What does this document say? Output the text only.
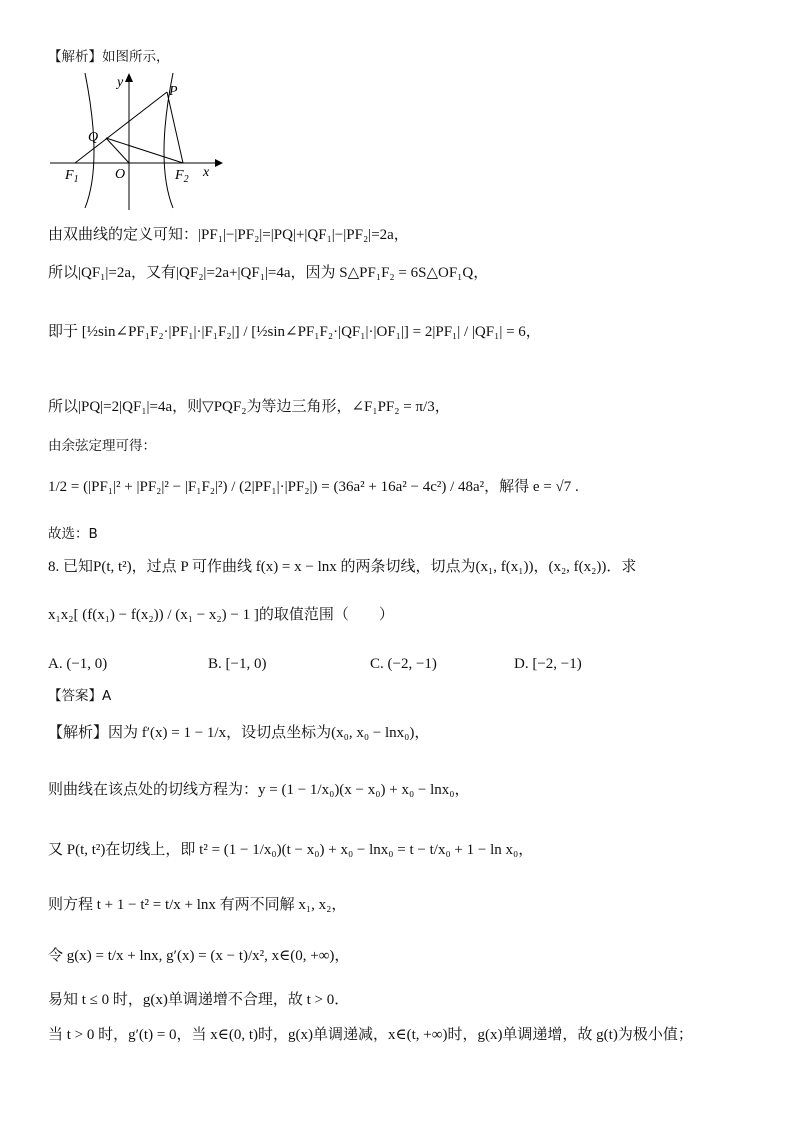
【解析】如图所示，
y
x
P
Q
O
$F_1$	$F_2$
由双曲线的定义可知：|PF₁|−|PF₂|=|PQ|+|QF₁|−|PF₂|=2a，
所以|QF₁|=2a，又有|QF₂|=2a+|QF₁|=4a，因为 S△PF₁F₂ = 6S△OF₁Q，
即于 [½sin∠PF₁F₂·|PF₁|·|F₁F₂|] / [½sin∠PF₁F₂·|QF₁|·|OF₁|] = 2|PF₁| / |QF₁| = 6，
所以|PQ|=2|QF₁|=4a，则▽PQF₂为等边三角形，∠F₁PF₂ = π/3，
由余弦定理可得：
1/2 = (|PF₁|² + |PF₂|² − |F₁F₂|²) / (2|PF₁|·|PF₂|) = (36a² + 16a² − 4c²) / 48a²，解得 e = √7 .
故选：B
8. 已知P(t, t²)，过点 P 可作曲线 f(x) = x − lnx 的两条切线，切点为(x₁, f(x₁))，(x₂, f(x₂))．求
x₁x₂[ (f(x₁) − f(x₂)) / (x₁ − x₂) − 1 ]的取值范围（　　）
A. (−1, 0)	B. [−1, 0)	C. (−2, −1)	D. [−2, −1)
【答案】A
【解析】因为 f′(x) = 1 − 1/x，设切点坐标为(x₀, x₀ − lnx₀)，
则曲线在该点处的切线方程为：y = (1 − 1/x₀)(x − x₀) + x₀ − lnx₀，
又 P(t, t²)在切线上，即 t² = (1 − 1/x₀)(t − x₀) + x₀ − lnx₀ = t − t/x₀ + 1 − ln x₀，
则方程 t + 1 − t² = t/x + lnx 有两不同解 x₁, x₂，
令 g(x) = t/x + lnx, g′(x) = (x − t)/x², x∈(0, +∞)，
易知 t ≤ 0 时，g(x)单调递增不合理，故 t > 0．
当 t > 0 时，g′(t) = 0，当 x∈(0, t)时，g(x)单调递减，x∈(t, +∞)时，g(x)单调递增，故 g(t)为极小值；
